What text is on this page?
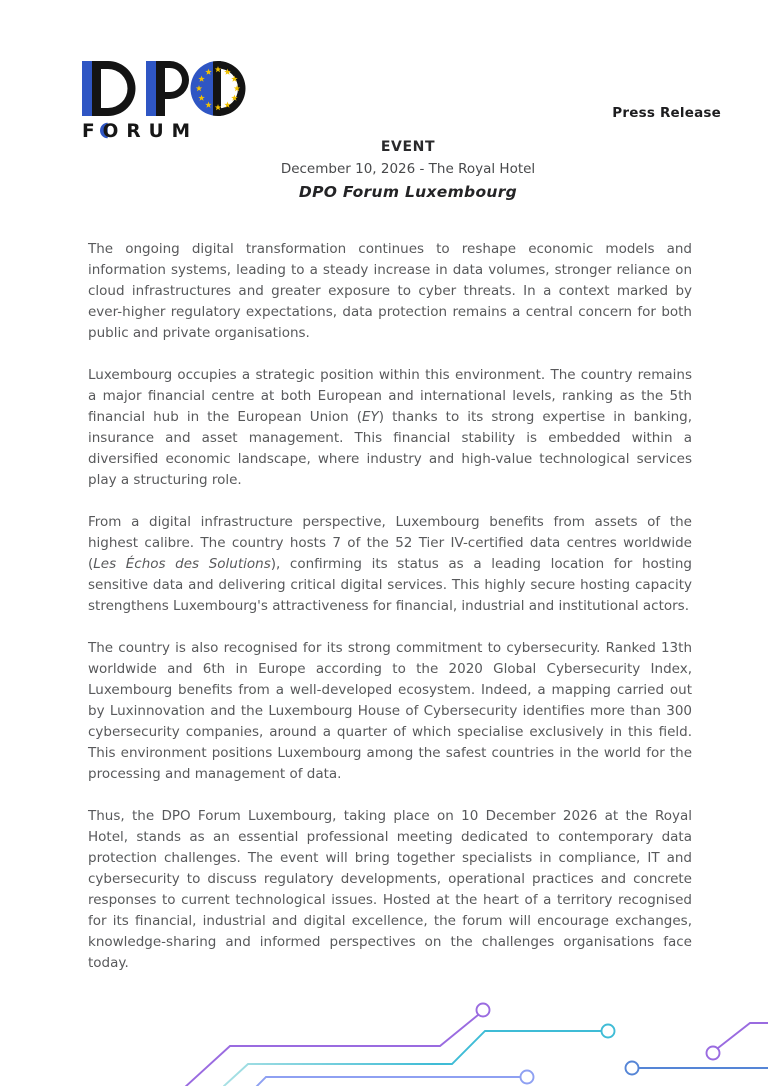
FORUM
Press Release
EVENT
December 10, 2026 - The Royal Hotel
DPO Forum Luxembourg

The ongoing digital transformation continues to reshape economic models and information systems, leading to a steady increase in data volumes, stronger reliance on cloud infrastructures and greater exposure to cyber threats. In a context marked by ever-higher regulatory expectations, data protection remains a central concern for both public and private organisations.

Luxembourg occupies a strategic position within this environment. The country remains a major financial centre at both European and international levels, ranking as the 5th financial hub in the European Union (EY) thanks to its strong expertise in banking, insurance and asset management. This financial stability is embedded within a diversified economic landscape, where industry and high-value technological services play a structuring role.

From a digital infrastructure perspective, Luxembourg benefits from assets of the highest calibre. The country hosts 7 of the 52 Tier IV-certified data centres worldwide (Les Échos des Solutions), confirming its status as a leading location for hosting sensitive data and delivering critical digital services. This highly secure hosting capacity strengthens Luxembourg's attractiveness for financial, industrial and institutional actors.

The country is also recognised for its strong commitment to cybersecurity. Ranked 13th worldwide and 6th in Europe according to the 2020 Global Cybersecurity Index, Luxembourg benefits from a well-developed ecosystem. Indeed, a mapping carried out by Luxinnovation and the Luxembourg House of Cybersecurity identifies more than 300 cybersecurity companies, around a quarter of which specialise exclusively in this field. This environment positions Luxembourg among the safest countries in the world for the processing and management of data.

Thus, the DPO Forum Luxembourg, taking place on 10 December 2026 at the Royal Hotel, stands as an essential professional meeting dedicated to contemporary data protection challenges. The event will bring together specialists in compliance, IT and cybersecurity to discuss regulatory developments, operational practices and concrete responses to current technological issues. Hosted at the heart of a territory recognised for its financial, industrial and digital excellence, the forum will encourage exchanges, knowledge-sharing and informed perspectives on the challenges organisations face today.
